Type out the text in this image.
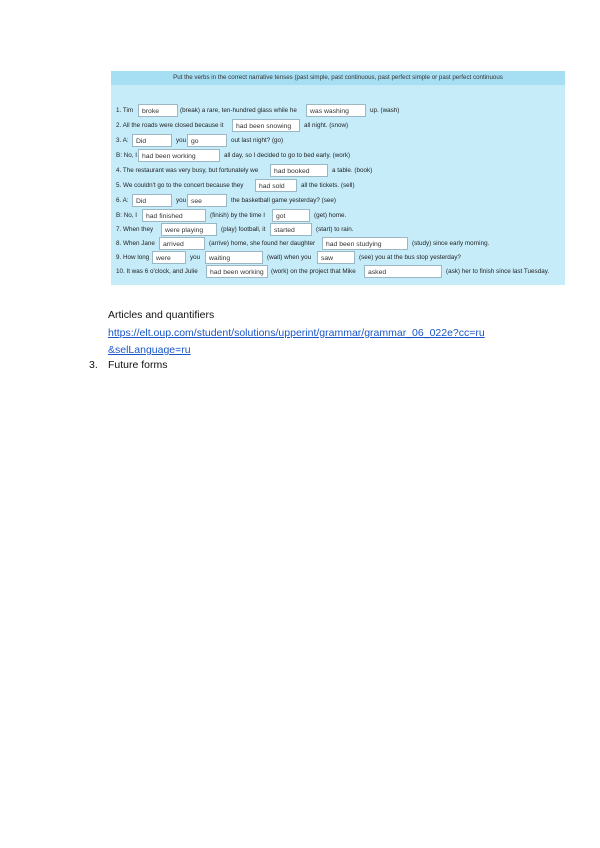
Put the verbs in the correct narrative tenses (past simple, past continuous, past perfect simple or past perfect continuous
1. Tim	broke	(break) a rare, ten-hundred glass while he	was washing	up. (wash)
2. All the roads were closed because it	had been snowing	all night. (snow)
3. A:	Did	you go	out last night? (go)
B: No, I had been working	all day, so I decided to go to bed early. (work)
4. The restaurant was very busy, but fortunately we	had booked	a table. (book)
5. We couldn't go to the concert because they	had sold	all the tickets. (sell)
6. A:	Did	you see	the basketball game yesterday? (see)
B: No, I	had finished	(finish) by the time I	got	(get) home.
7. When they	were playing	(play) football, it	started	(start) to rain.
8. When Jane	arrived	(arrive) home, she found her daughter	had been studying	(study) since early morning.
9. How long were	you	waiting	(wait) when you	saw	(see) you at the bus stop yesterday?
10. It was 6 o'clock, and Julie	had been working	(work) on the project that Mike	asked	(ask) her to finish since last Tuesday.
Articles and quantifiers
https://elt.oup.com/student/solutions/upperint/grammar/grammar_06_022e?cc=ru
&selLanguage=ru
3. Future forms
